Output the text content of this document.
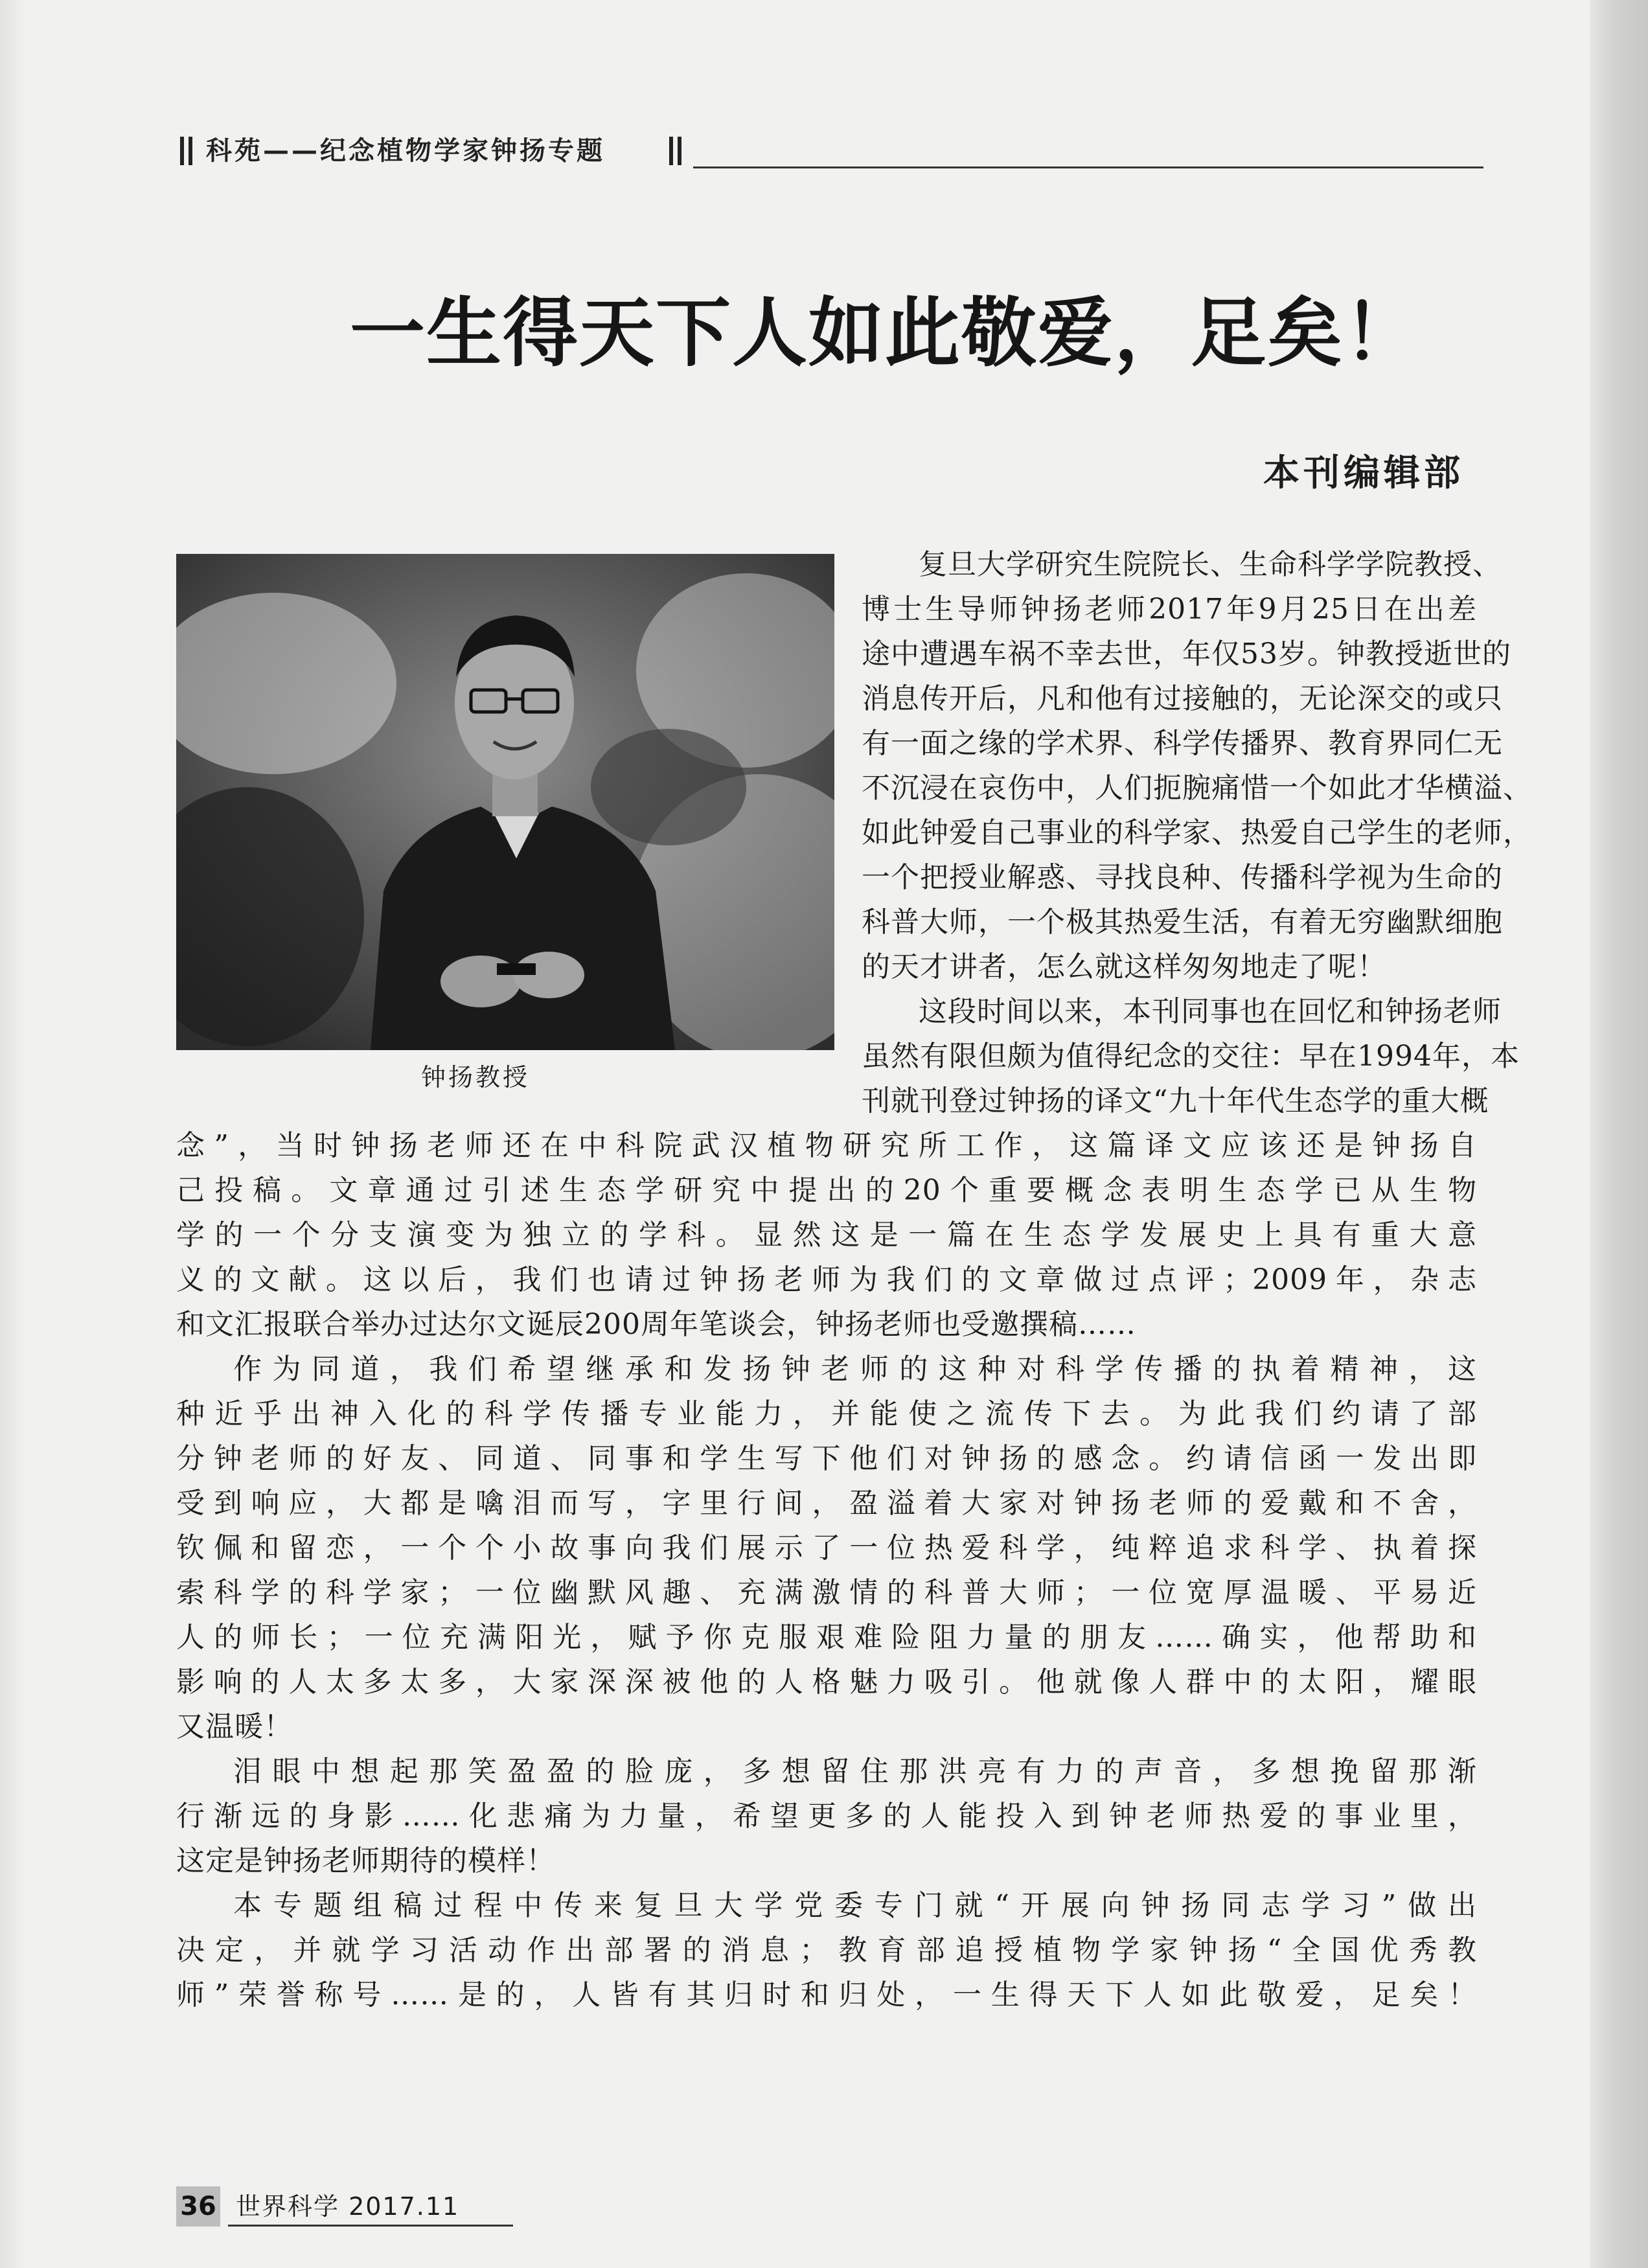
科苑——纪念植物学家钟扬专题
一生得天下人如此敬爱，足矣！
本刊编辑部
钟扬教授
复旦大学研究生院院长、生命科学学院教授、
博士生导师钟扬老师2017年9月25日在出差
途中遭遇车祸不幸去世，年仅53岁。钟教授逝世的
消息传开后，凡和他有过接触的，无论深交的或只
有一面之缘的学术界、科学传播界、教育界同仁无
不沉浸在哀伤中，人们扼腕痛惜一个如此才华横溢、
如此钟爱自己事业的科学家、热爱自己学生的老师，
一个把授业解惑、寻找良种、传播科学视为生命的
科普大师，一个极其热爱生活，有着无穷幽默细胞
的天才讲者，怎么就这样匆匆地走了呢！
这段时间以来，本刊同事也在回忆和钟扬老师
虽然有限但颇为值得纪念的交往：早在1994年，本
刊就刊登过钟扬的译文“九十年代生态学的重大概
念”，当时钟扬老师还在中科院武汉植物研究所工作，这篇译文应该还是钟扬自
己投稿。文章通过引述生态学研究中提出的20个重要概念表明生态学已从生物
学的一个分支演变为独立的学科。显然这是一篇在生态学发展史上具有重大意
义的文献。这以后，我们也请过钟扬老师为我们的文章做过点评；2009年，杂志
和文汇报联合举办过达尔文诞辰200周年笔谈会，钟扬老师也受邀撰稿……
作为同道，我们希望继承和发扬钟老师的这种对科学传播的执着精神，这
种近乎出神入化的科学传播专业能力，并能使之流传下去。为此我们约请了部
分钟老师的好友、同道、同事和学生写下他们对钟扬的感念。约请信函一发出即
受到响应，大都是噙泪而写，字里行间，盈溢着大家对钟扬老师的爱戴和不舍，
钦佩和留恋，一个个小故事向我们展示了一位热爱科学，纯粹追求科学、执着探
索科学的科学家；一位幽默风趣、充满激情的科普大师；一位宽厚温暖、平易近
人的师长；一位充满阳光，赋予你克服艰难险阻力量的朋友……确实，他帮助和
影响的人太多太多，大家深深被他的人格魅力吸引。他就像人群中的太阳，耀眼
又温暖！
泪眼中想起那笑盈盈的脸庞，多想留住那洪亮有力的声音，多想挽留那渐
行渐远的身影……化悲痛为力量，希望更多的人能投入到钟老师热爱的事业里，
这定是钟扬老师期待的模样！
本专题组稿过程中传来复旦大学党委专门就“开展向钟扬同志学习”做出
决定，并就学习活动作出部署的消息；教育部追授植物学家钟扬“全国优秀教
师”荣誉称号……是的，人皆有其归时和归处，一生得天下人如此敬爱，足矣！
36 世界科学 2017.11
